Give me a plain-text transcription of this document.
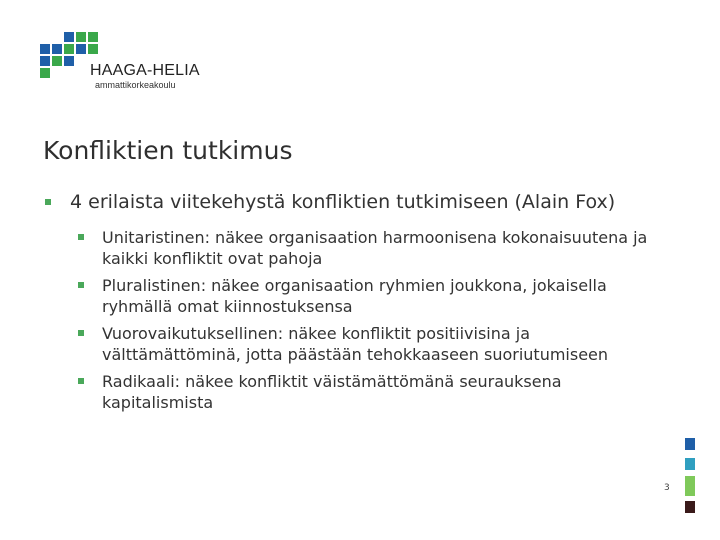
HAAGA-HELIA
ammattikorkeakoulu
Konfliktien tutkimus
4 erilaista viitekehystä konfliktien tutkimiseen (Alain Fox)
Unitaristinen: näkee organisaation harmoonisena kokonaisuutena ja kaikki konfliktit ovat pahoja
Pluralistinen: näkee organisaation ryhmien joukkona, jokaisella ryhmällä omat kiinnostuksensa
Vuorovaikutuksellinen: näkee konfliktit positiivisina ja välttämättöminä, jotta päästään tehokkaaseen suoriutumiseen
Radikaali: näkee konfliktit väistämättömänä seurauksena kapitalismista
3
